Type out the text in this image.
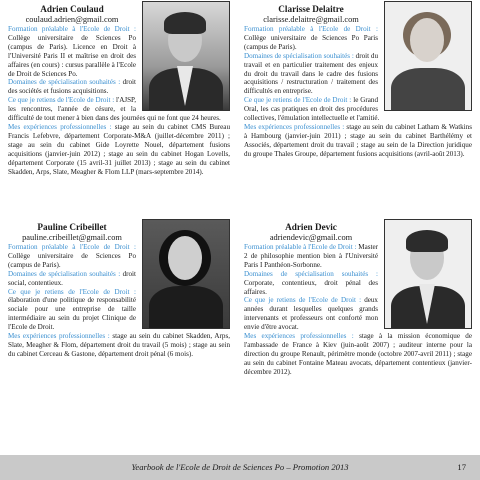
Adrien Coulaud
coulaud.adrien@gmail.com
Formation préalable à l'Ecole de Droit : Collège universitaire de Sciences Po (campus de Paris). Licence en Droit à l'Université Paris II et maîtrise en droit des affaires (en cours) : cursus parallèle à l'Ecole de Droit de Sciences Po.
Domaines de spécialisation souhaités : droit des sociétés et fusions acquisitions.
Ce que je retiens de l'Ecole de Droit : l'AJSP, les rencontres, l'année de césure, et la difficulté de tout mener à bien dans des journées qui ne font que 24 heures.
Mes expériences professionnelles : stage au sein du cabinet CMS Bureau Francis Lefebvre, département Corporate-M&A (juillet-décembre 2011) ; stage au sein du cabinet Gide Loyrette Nouel, département fusions acquisitions (janvier-juin 2012) ; stage au sein du cabinet Hogan Lovells, département Corporate (15 avril-31 juillet 2013) ; stage au sein du cabinet Skadden, Arps, Slate, Meagher & Flom LLP (mars-septembre 2014).
Clarisse Delaitre
clarisse.delaitre@gmail.com
Formation préalable à l'Ecole de Droit : Collège universitaire de Sciences Po Paris (campus de Paris).
Domaines de spécialisation souhaités : droit du travail et en particulier traitement des enjeux du droit du travail dans le cadre des fusions acquisitions / restructuration / traitement des difficultés en entreprise.
Ce que je retiens de l'Ecole de Droit : le Grand Oral, les cas pratiques en droit des procédures collectives, l'émulation intellectuelle et l'amitié.
Mes expériences professionnelles : stage au sein du cabinet Latham & Watkins à Hambourg (janvier-juin 2011) ; stage au sein du cabinet Barthélémy et Associés, département droit du travail ; stage au sein de la Direction juridique du groupe Thales Groupe, département fusions acquisitions (avril-août 2013).
Pauline Cribeillet
pauline.cribeillet@gmail.com
Formation préalable à l'Ecole de Droit : Collège universitaire de Sciences Po (campus de Paris).
Domaines de spécialisation souhaités : droit social, contentieux.
Ce que je retiens de l'Ecole de Droit : élaboration d'une politique de responsabilité sociale pour une entreprise de taille intermédiaire au sein du projet Clinique de l'Ecole de Droit.
Mes expériences professionnelles : stage au sein du cabinet Skadden, Arps, Slate, Meagher & Flom, département droit du travail (5 mois) ; stage au sein du cabinet Cerceau & Gastone, département droit pénal (6 mois).
Adrien Devic
adriendevic@gmail.com
Formation préalable à l'Ecole de Droit : Master 2 de philosophie mention bien à l'Université Paris I Panthéon-Sorbonne.
Domaines de spécialisation souhaités : Corporate, contentieux, droit pénal des affaires.
Ce que je retiens de l'Ecole de Droit : deux années durant lesquelles quelques grands intervenants et professeurs ont conforté mon envie d'être avocat.
Mes expériences professionnelles : stage à la mission économique de l'ambassade de France à Kiev (juin-août 2007) ; auditeur interne pour la direction du groupe Renault, périmètre monde (octobre 2007-avril 2011) ; stage au sein du cabinet Fontaine Mateau avocats, département contentieux (janvier-décembre 2012).
Yearbook de l'Ecole de Droit de Sciences Po – Promotion 2013	17
